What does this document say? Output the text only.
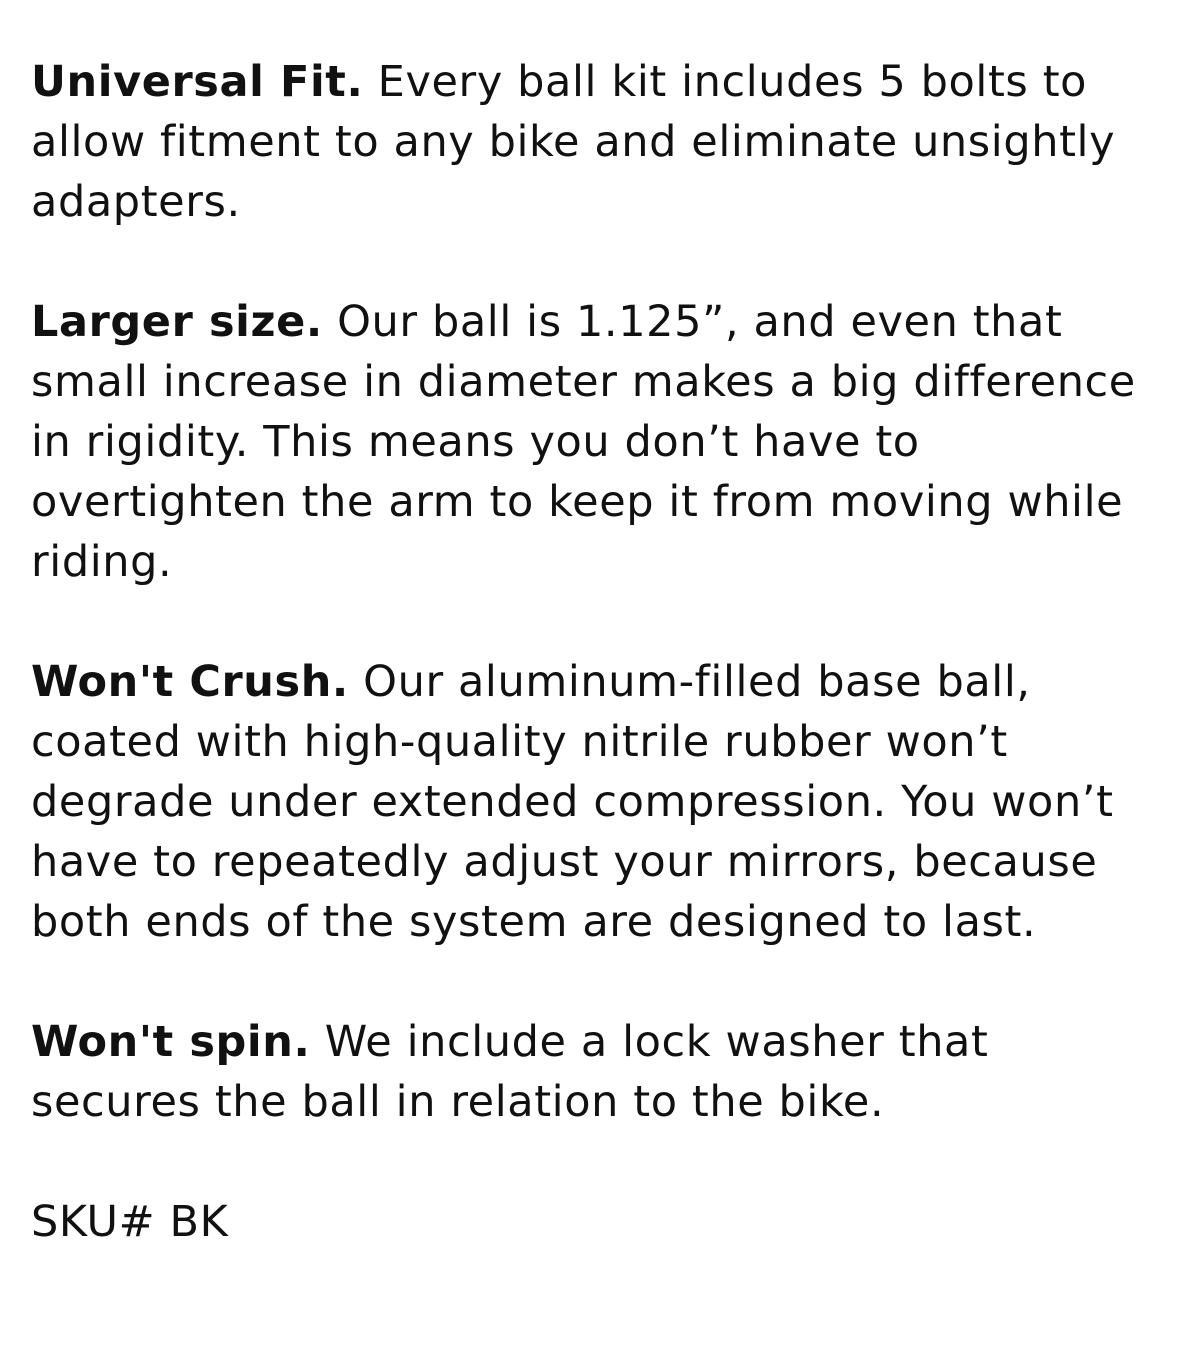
Universal Fit. Every ball kit includes 5 bolts to allow fitment to any bike and eliminate unsightly adapters.

Larger size. Our ball is 1.125”, and even that small increase in diameter makes a big difference in rigidity. This means you don’t have to overtighten the arm to keep it from moving while riding.

Won't Crush. Our aluminum-filled base ball, coated with high-quality nitrile rubber won’t degrade under extended compression. You won’t have to repeatedly adjust your mirrors, because both ends of the system are designed to last.

Won't spin. We include a lock washer that secures the ball in relation to the bike.

SKU# BK
